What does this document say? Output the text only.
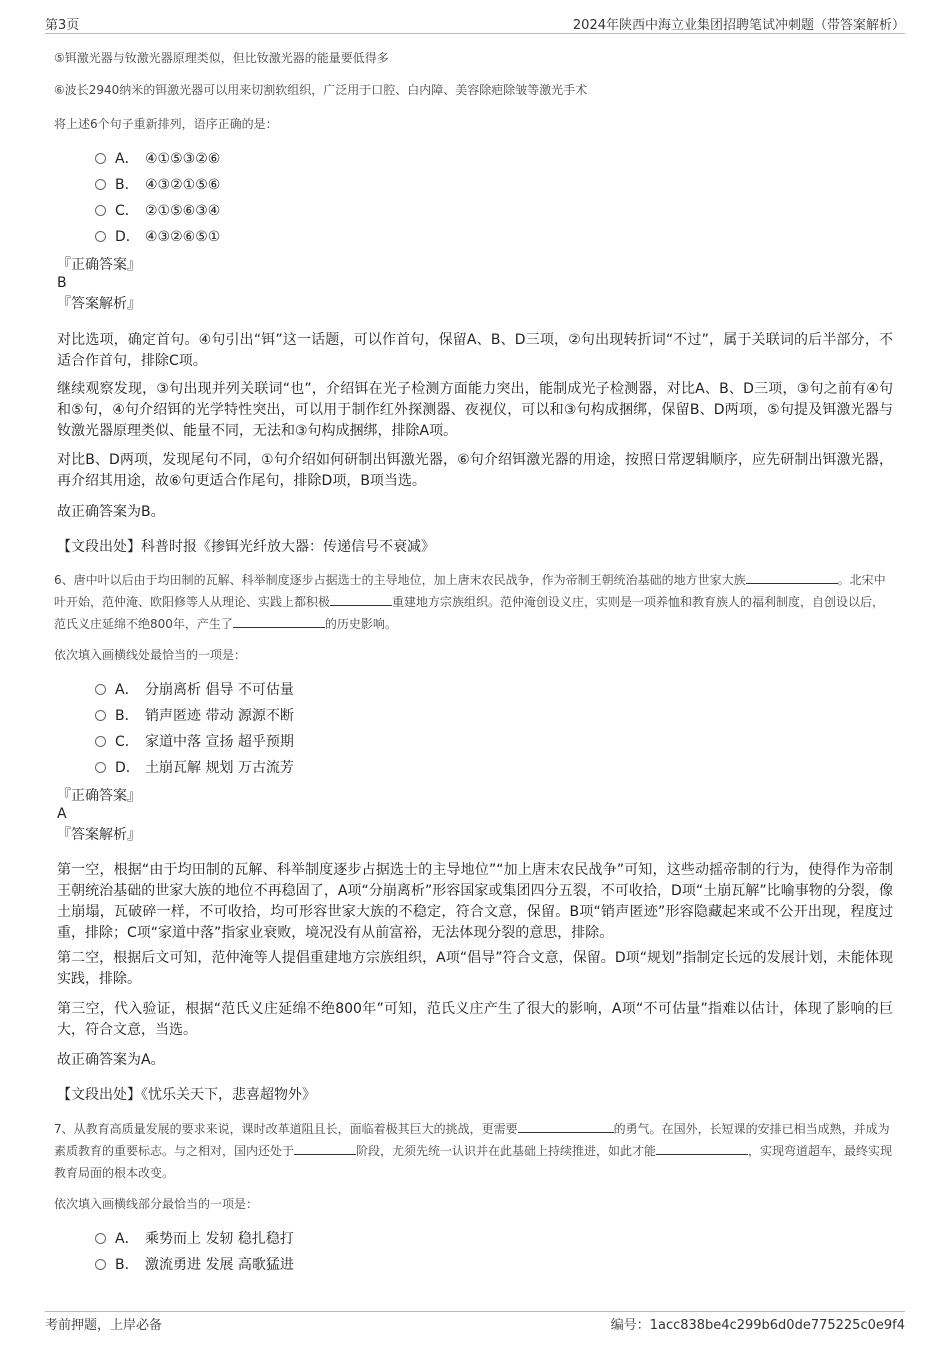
第3页	2024年陕西中海立业集团招聘笔试冲刺题（带答案解析）
⑤铒激光器与钕激光器原理类似，但比钕激光器的能量要低得多
⑥波长2940纳米的铒激光器可以用来切割软组织，广泛用于口腔、白内障、美容除疤除皱等激光手术
将上述6个句子重新排列，语序正确的是：
A． ④①⑤③②⑥
B． ④③②①⑤⑥
C． ②①⑤⑥③④
D． ④③②⑥⑤①
『正确答案』
B
『答案解析』
对比选项，确定首句。④句引出“铒”这一话题，可以作首句，保留A、B、D三项，②句出现转折词“不过”，属于关联词的后半部分，不适合作首句，排除C项。
继续观察发现，③句出现并列关联词“也”，介绍铒在光子检测方面能力突出，能制成光子检测器，对比A、B、D三项，③句之前有④句和⑤句，④句介绍铒的光学特性突出，可以用于制作红外探测器、夜视仪，可以和③句构成捆绑，保留B、D两项，⑤句提及铒激光器与钕激光器原理类似、能量不同，无法和③句构成捆绑，排除A项。
对比B、D两项，发现尾句不同，①句介绍如何研制出铒激光器，⑥句介绍铒激光器的用途，按照日常逻辑顺序，应先研制出铒激光器，再介绍其用途，故⑥句更适合作尾句，排除D项，B项当选。
故正确答案为B。
【文段出处】科普时报《掺铒光纤放大器：传递信号不衰减》
6、唐中叶以后由于均田制的瓦解、科举制度逐步占据选士的主导地位，加上唐末农民战争，作为帝制王朝统治基础的地方世家大族	。北宋中叶开始，范仲淹、欧阳修等人从理论、实践上都积极	重建地方宗族组织。范仲淹创设义庄，实则是一项养恤和教育族人的福利制度，自创设以后，范氏义庄延绵不绝800年，产生了	的历史影响。
依次填入画横线处最恰当的一项是：
A． 分崩离析 倡导 不可估量
B． 销声匿迹 带动 源源不断
C． 家道中落 宣扬 超乎预期
D． 土崩瓦解 规划 万古流芳
『正确答案』
A
『答案解析』
第一空，根据“由于均田制的瓦解、科举制度逐步占据选士的主导地位”“加上唐末农民战争”可知，这些动摇帝制的行为，使得作为帝制王朝统治基础的世家大族的地位不再稳固了，A项“分崩离析”形容国家或集团四分五裂，不可收拾，D项“土崩瓦解”比喻事物的分裂，像土崩塌，瓦破碎一样，不可收拾，均可形容世家大族的不稳定，符合文意，保留。B项“销声匿迹”形容隐藏起来或不公开出现，程度过重，排除；C项“家道中落”指家业衰败，境况没有从前富裕，无法体现分裂的意思，排除。
第二空，根据后文可知，范仲淹等人提倡重建地方宗族组织，A项“倡导”符合文意，保留。D项“规划”指制定长远的发展计划，未能体现实践，排除。
第三空，代入验证，根据“范氏义庄延绵不绝800年”可知，范氏义庄产生了很大的影响，A项“不可估量”指难以估计，体现了影响的巨大，符合文意，当选。
故正确答案为A。
【文段出处】《忧乐关天下，悲喜超物外》
7、从教育高质量发展的要求来说，课时改革道阻且长，面临着极其巨大的挑战，更需要	的勇气。在国外，长短课的安排已相当成熟，并成为素质教育的重要标志。与之相对，国内还处于	阶段，尤须先统一认识并在此基础上持续推进，如此才能	，实现弯道超车，最终实现教育局面的根本改变。
依次填入画横线部分最恰当的一项是：
A． 乘势而上 发轫 稳扎稳打
B． 激流勇进 发展 高歌猛进
考前押题，上岸必备	编号：1acc838be4c299b6d0de775225c0e9f4
